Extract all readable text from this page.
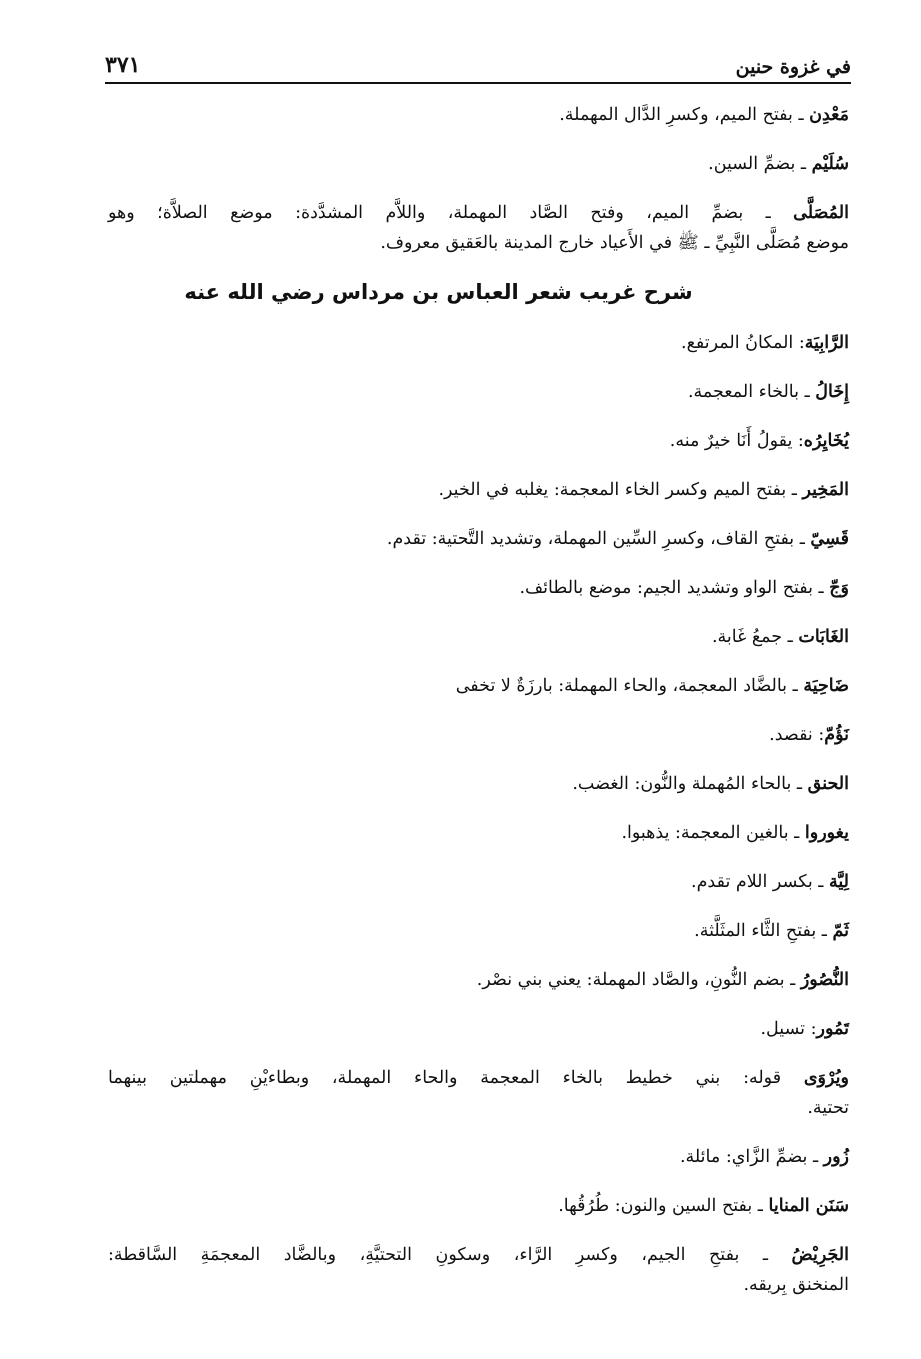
في غزوة حنين
٣٧١
مَعْدِن ـ بفتح الميم، وكسرِ الدَّال المهملة.
سُلَيْم ـ بضمِّ السين.
المُصَلَّى ـ بضمِّ الميم، وفتح الصَّاد المهملة، واللاَّم المشدَّدة: موضع الصلاَّة؛ وهو
موضع مُصَلَّى النَّبِيِّ ـ ﷺ في الأَعياد خارج المدينة بالعَقيق معروف.
شرح غريب شعر العباس بن مرداس رضي الله عنه
الرَّابِيَة: المكانُ المرتفع.
إِخَالُ ـ بالخاء المعجمة.
يُخَايِرُه: يقولُ أَنَا خيرٌ منه.
المَخِير ـ بفتح الميم وكسر الخاء المعجمة: يغلبه في الخير.
قَسِيّ ـ بفتحِ القاف، وكسرِ السِّين المهملة، وتشديد التَّحتية: تقدم.
وَجّ ـ بفتح الواو وتشديد الجيم: موضع بالطائف.
الغَابَات ـ جمعُ غَابة.
ضَاحِيَة ـ بالضَّاد المعجمة، والحاء المهملة: بارزَةٌ لا تخفى
نَؤُمّ: نقصد.
الحنق ـ بالحاء المُهملة والنُّون: الغضب.
يغوروا ـ بالغين المعجمة: يذهبوا.
لِيَّة ـ بكسر اللام تقدم.
ثَمّ ـ بفتحِ الثَّاء المثَلَّثة.
النُّصُورُ ـ بضم النُّونِ، والصَّاد المهملة: يعني بني نصْر.
تَمُور: تسيل.
ويُرْوَى قوله: بني خطيط بالخاء المعجمة والحاء المهملة، وبطاءيْنِ مهملتين بينهما
تحتية.
زُور ـ بضمِّ الزَّاي: مائلة.
سَنَن المنايا ـ بفتح السين والنون: طُرُقُها.
الجَرِيْضُ ـ بفتحِ الجيم، وكسرِ الرَّاء، وسكونِ التحتيَّةِ، وبالضَّاد المعجمَةِ السَّاقطة:
المنخنق بِريقه.
